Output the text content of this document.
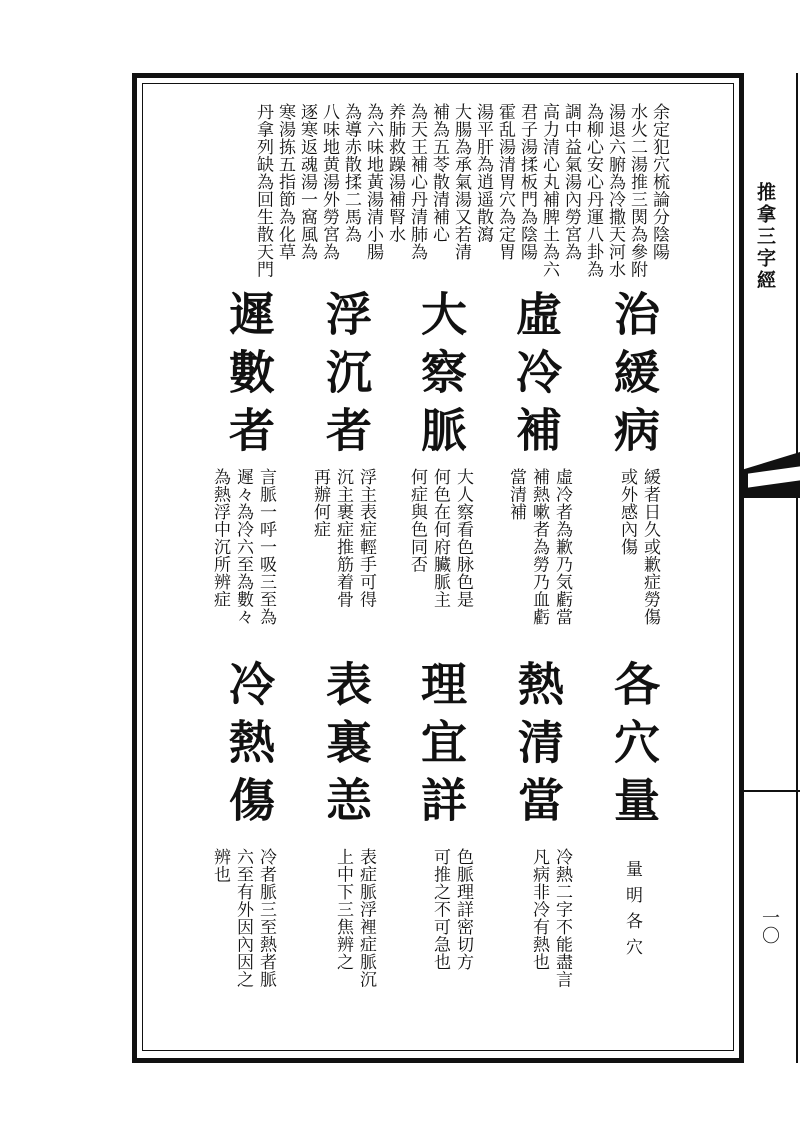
推拿三字經
一〇
余定犯穴梳論分陰陽
水火二湯推三関為參附
湯退六腑為冷撒天河水
為柳心安心丹運八卦為
調中益氣湯內勞宮為
高力清心丸補脾土為六
君子湯揉板門為陰陽
霍乱湯清胃穴為定胃
湯平肝為逍遥散瀉
大腸為承氣湯又若清
補為五苓散清補心
為天王補心丹清肺為
养肺救躁湯補腎水
為六味地黃湯清小腸
為導赤散揉二馬為
八味地黄湯外勞宮為
逐寒返魂湯一窩風為
寒湯拣五指節為化草
丹拿列缺為回生散天門
治緩病
虛冷補
大察脈
浮沉者
遲數者
緩者日久或歉症勞傷
或外感內傷
虛冷者為歉乃気虧當
補熱嗽者為勞乃血虧
當清補
大人察看色脉色是
何色在何府臟脈主
何症與色同否
浮主表症輕手可得
沉主裹症推筋着骨
再辦何症
言脈一呼一吸三至為
遲々為冷六至為數々
為熱浮中沉所辨症
各穴量
熱清當
理宜詳
表裏恙
冷熱傷
量明各穴
冷熱二字不能盡言
凡病非冷有熱也
色脈理詳密切方
可推之不可急也
表症脈浮裡症脈沉
上中下三焦辨之
冷者脈三至熱者脈
六至有外因內因之
辨也
